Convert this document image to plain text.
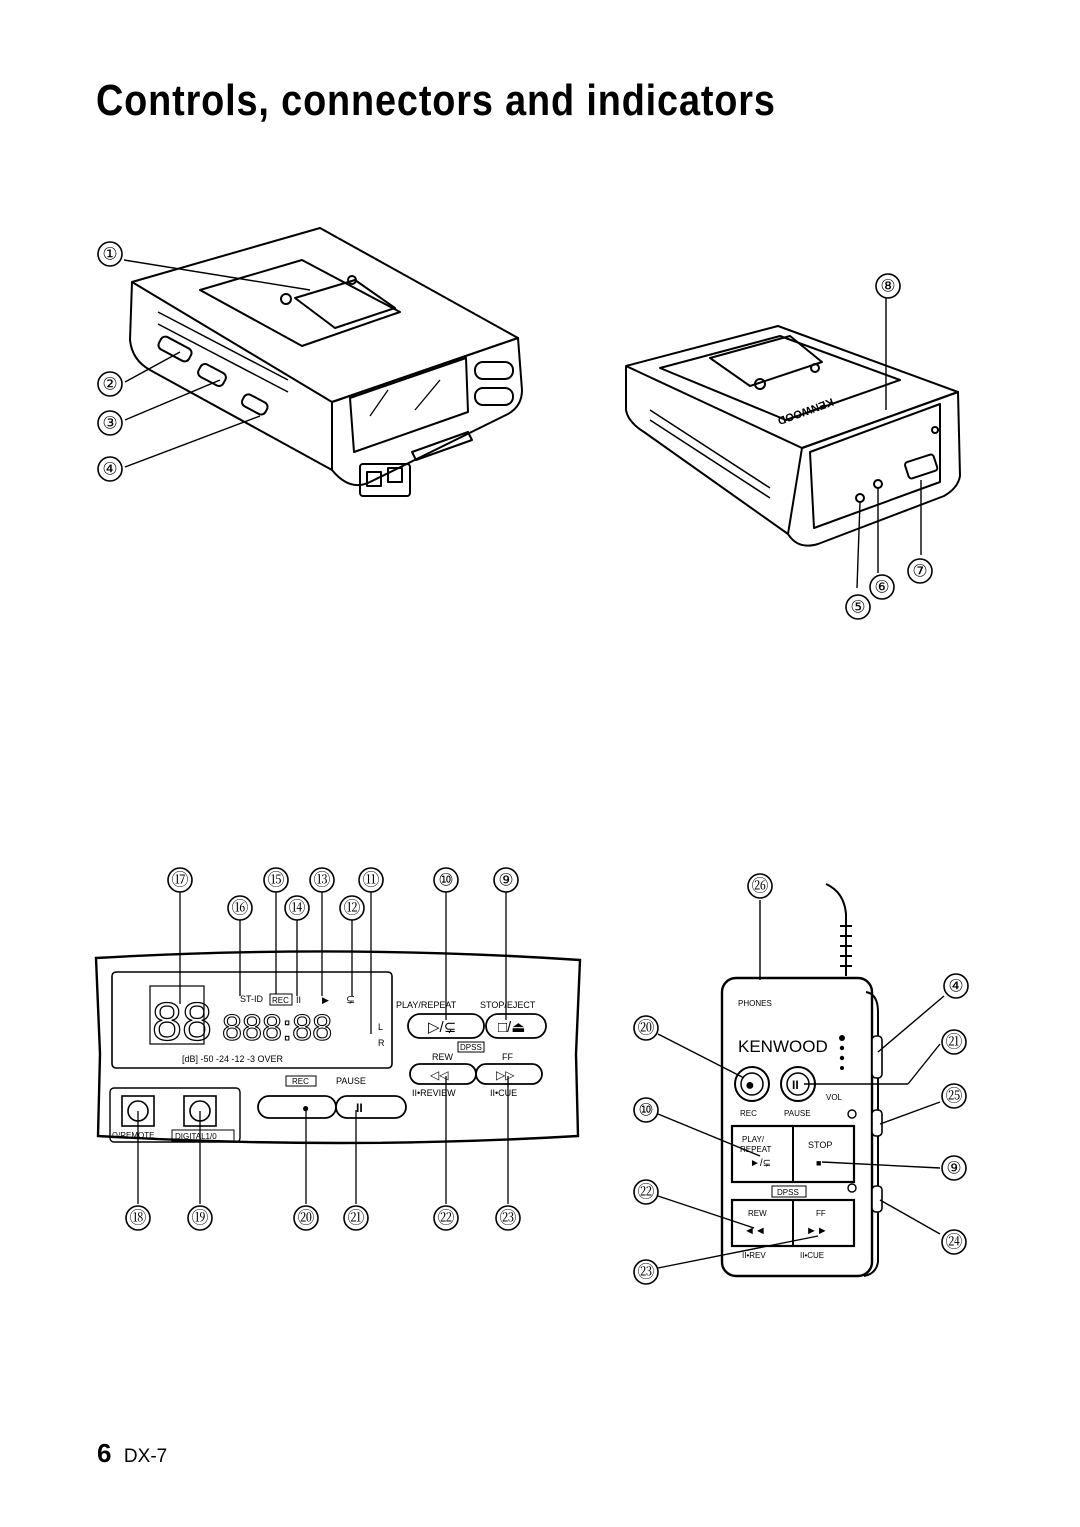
Controls, connectors and indicators
①
②
③
④
KENWOOD
⑧
⑥
⑦
⑤
88 888:88
ST-ID REC II ▶ ⊊
L
R
[dB] -50 -24 -12 -3 OVER
PLAY/REPEAT	STOP/EJECT
▷/⊊	□/⏏
DPSS
REW	FF
◁◁	▷▷
II•REVIEW	II•CUE
REC	PAUSE
●	II
Ω/REMOTE	DIGITAL1/0
⑰	⑮ ⑬ ⑪	⑩	⑨
⑯ ⑭ ⑫
⑱	⑲	⑳ ㉑	㉒	㉓
PHONES
KENWOOD
●	II
VOL
REC	PAUSE
PLAY/
REPEAT
►/⊊
STOP
■
DPSS
REW
◄◄
FF
►►
II•REV	II•CUE
㉖
⑳
⑩
㉒
㉓
④
㉑
㉕
⑨
㉔
6 DX-7
